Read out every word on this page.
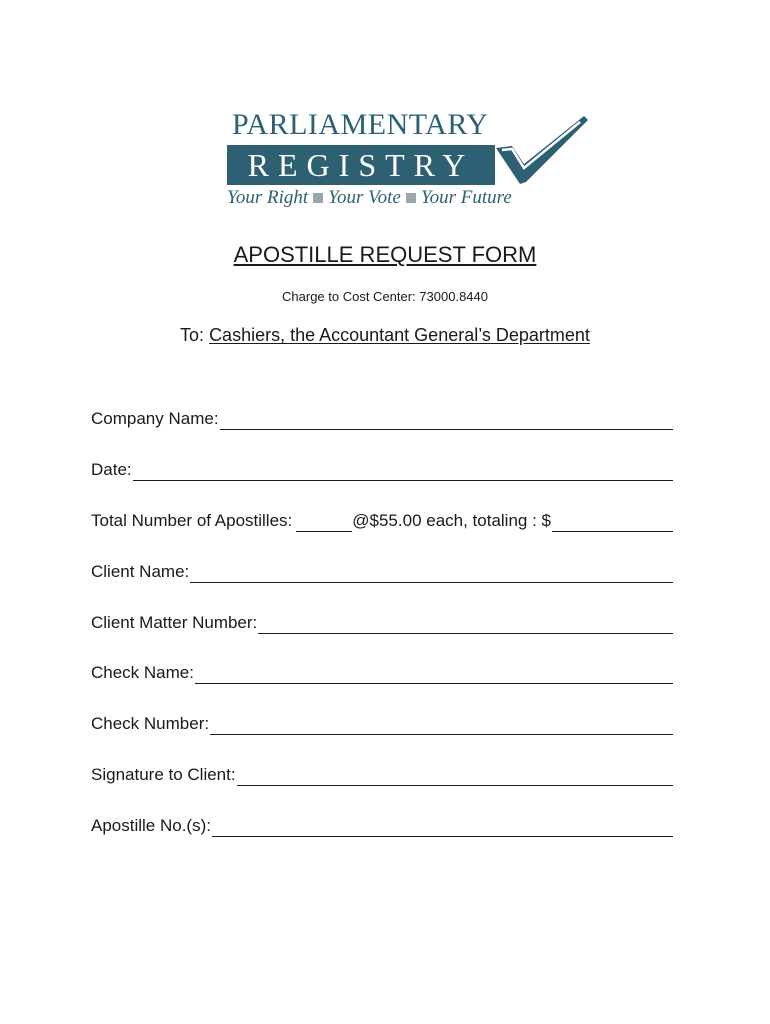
PARLIAMENTARY
REGISTRY
Your Right Your Vote Your Future
APOSTILLE REQUEST FORM
Charge to Cost Center: 73000.8440
To: Cashiers, the Accountant General’s Department
Company Name:
Date:
Total Number of Apostilles:	@$55.00 each, totaling : $
Client Name:
Client Matter Number:
Check Name:
Check Number:
Signature to Client:
Apostille No.(s):
